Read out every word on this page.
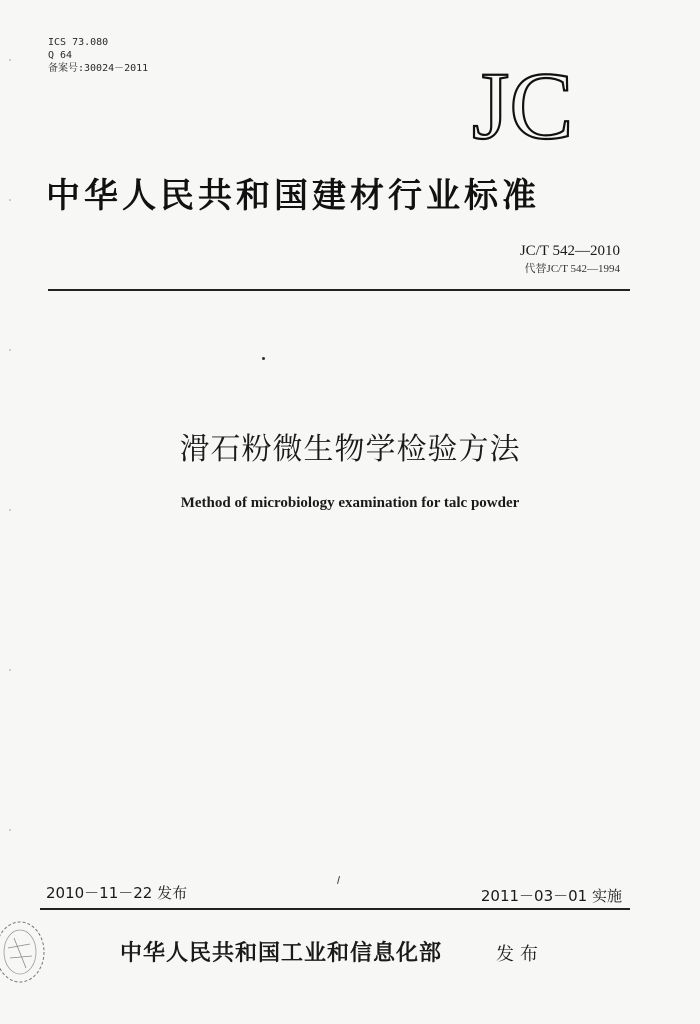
ICS 73.080
Q 64
备案号:30024－2011	JC
中华人民共和国建材行业标准
JC/T 542—2010
代替JC/T 542—1994
滑石粉微生物学检验方法
Method of microbiology examination for talc powder
2010－11－22 发布	2011－03－01 实施
中华人民共和国工业和信息化部	发布
